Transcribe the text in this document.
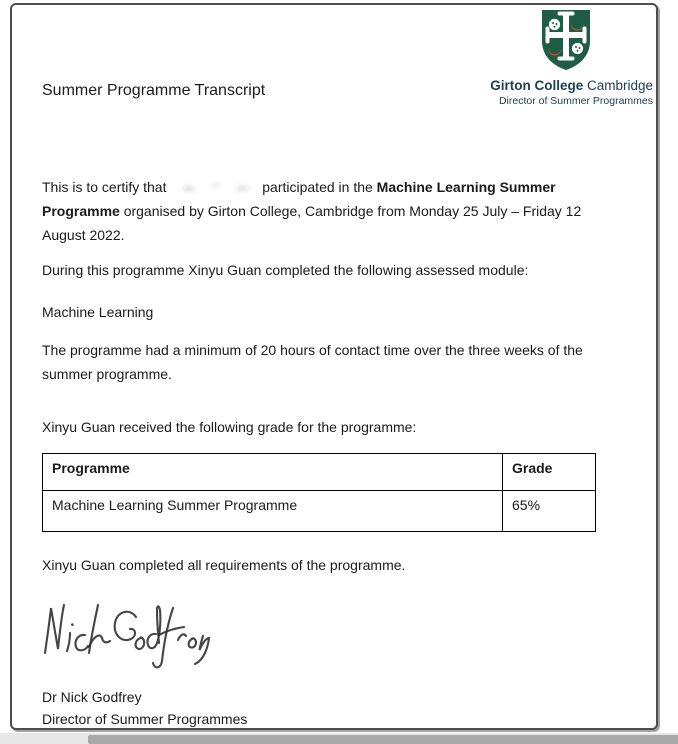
Girton College Cambridge
Director of Summer Programmes
Summer Programme Transcript

This is to certify that	participated in the Machine Learning Summer Programme organised by Girton College, Cambridge from Monday 25 July – Friday 12 August 2022.

During this programme Xinyu Guan completed the following assessed module:

Machine Learning

The programme had a minimum of 20 hours of contact time over the three weeks of the summer programme.

Xinyu Guan received the following grade for the programme:

Programme	Grade
Machine Learning Summer Programme	65%

Xinyu Guan completed all requirements of the programme.

Dr Nick Godfrey
Director of Summer Programmes
